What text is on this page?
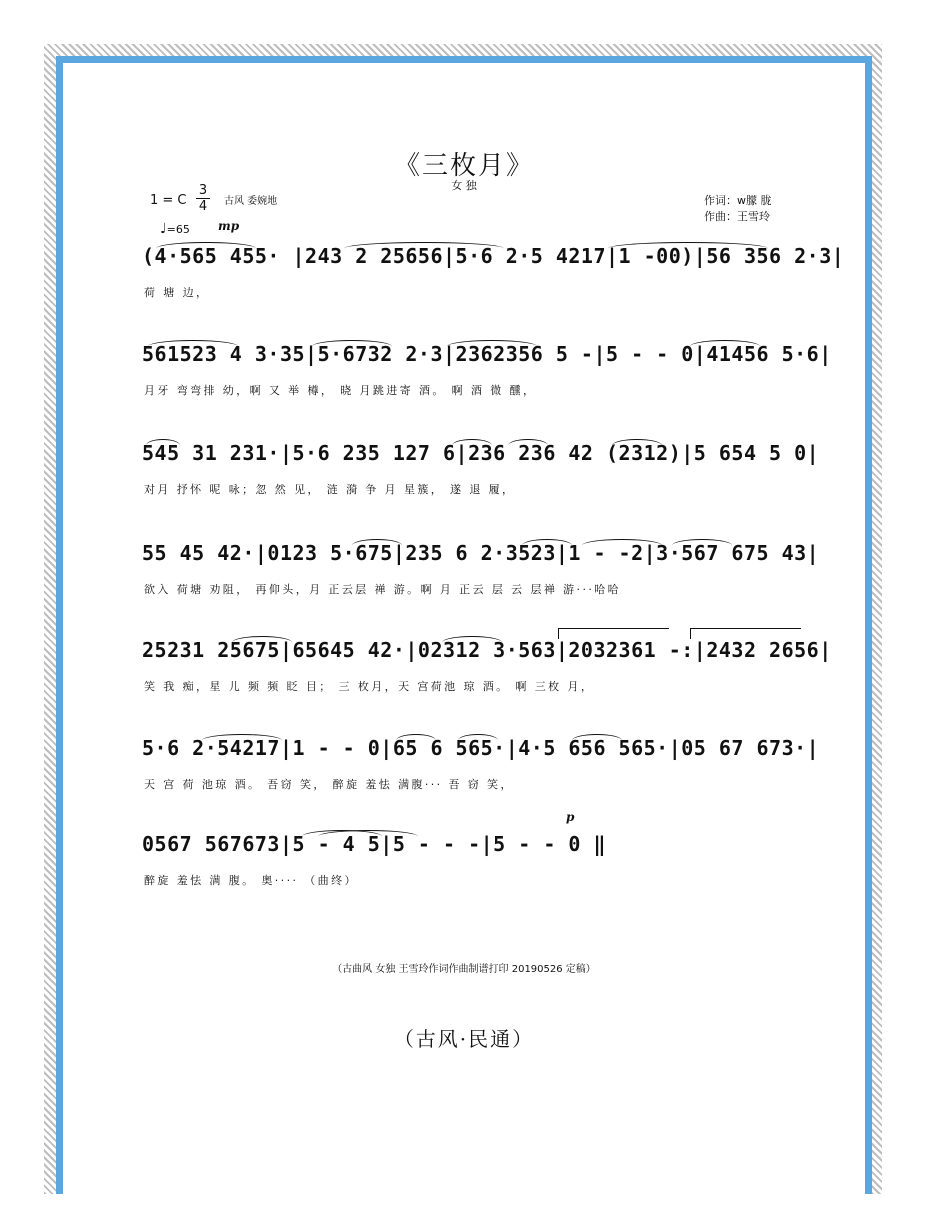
《三枚月》
女 独
1 = C
3
4 古风 委婉地
♩=65 mp
作词：w朦 胧
作曲：王雪玲
(4·565 455· |243 2 25656|5·6 2·5 4217|1 -00)|56 356 2·3|
荷 塘 边，
561523 4 3·35|5·6732 2·3|2362356 5 -|5 - - 0|41456 5·6|
月牙 弯弯排 幼，啊 又 举 樽， 晓 月跳进寄 酒。 啊 酒 微 醺，
545 31 231·|5·6 235 127 6|236 236 42 (2312)|5 654 5 0|
对月 抒怀 呢 咏；忽 然 见， 涟 漪 争 月 星簇， 遂 退 履，
55 45 42·|0123 5·675|235 6 2·3523|1 - -2|3·567 675 43|
欲入 荷塘 劝阻， 再仰头，月 正云层 禅 游。啊 月 正云 层 云 层禅 游···哈哈
25231 25675|65645 42·|02312 3·563|2032361 -:|2432 2656|
笑 我 痴，星 儿 频 频 眨 目； 三 枚月，天 宫荷池 琼 酒。 啊 三枚 月，
5·6 2·54217|1 - - 0|65 6 565·|4·5 656 565·|05 67 673·|
天 宫 荷 池琼 酒。 吾窃 笑， 醉旋 羞怯 满腹··· 吾 窃 笑，
0567 567673|5 - 4 5|5 - - -|5 - - 0 ‖
醉旋 羞怯 满 腹。 奥···· （曲终）
p
（古曲风 女独 王雪玲作词作曲制谱打印 20190526 定稿）
（古风·民通）
